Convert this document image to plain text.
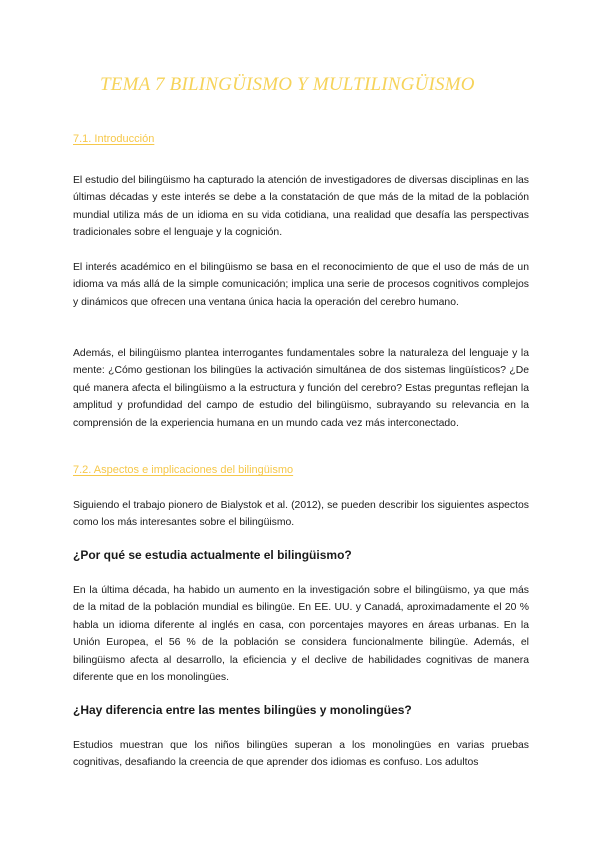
TEMA 7 BILINGÜISMO Y MULTILINGÜISMO
7.1. Introducción

El estudio del bilingüismo ha capturado la atención de investigadores de diversas disciplinas en las últimas décadas y este interés se debe a la constatación de que más de la mitad de la población mundial utiliza más de un idioma en su vida cotidiana, una realidad que desafía las perspectivas tradicionales sobre el lenguaje y la cognición.

El interés académico en el bilingüismo se basa en el reconocimiento de que el uso de más de un idioma va más allá de la simple comunicación; implica una serie de procesos cognitivos complejos y dinámicos que ofrecen una ventana única hacia la operación del cerebro humano.

Además, el bilingüismo plantea interrogantes fundamentales sobre la naturaleza del lenguaje y la mente: ¿Cómo gestionan los bilingües la activación simultánea de dos sistemas lingüísticos? ¿De qué manera afecta el bilingüismo a la estructura y función del cerebro? Estas preguntas reflejan la amplitud y profundidad del campo de estudio del bilingüismo, subrayando su relevancia en la comprensión de la experiencia humana en un mundo cada vez más interconectado.

7.2. Aspectos e implicaciones del bilingüismo

Siguiendo el trabajo pionero de Bialystok et al. (2012), se pueden describir los siguientes aspectos como los más interesantes sobre el bilingüismo.

¿Por qué se estudia actualmente el bilingüismo?

En la última década, ha habido un aumento en la investigación sobre el bilingüismo, ya que más de la mitad de la población mundial es bilingüe. En EE. UU. y Canadá, aproximadamente el 20 % habla un idioma diferente al inglés en casa, con porcentajes mayores en áreas urbanas. En la Unión Europea, el 56 % de la población se considera funcionalmente bilingüe. Además, el bilingüismo afecta al desarrollo, la eficiencia y el declive de habilidades cognitivas de manera diferente que en los monolingües.

¿Hay diferencia entre las mentes bilingües y monolingües?

Estudios muestran que los niños bilingües superan a los monolingües en varias pruebas cognitivas, desafiando la creencia de que aprender dos idiomas es confuso. Los adultos
